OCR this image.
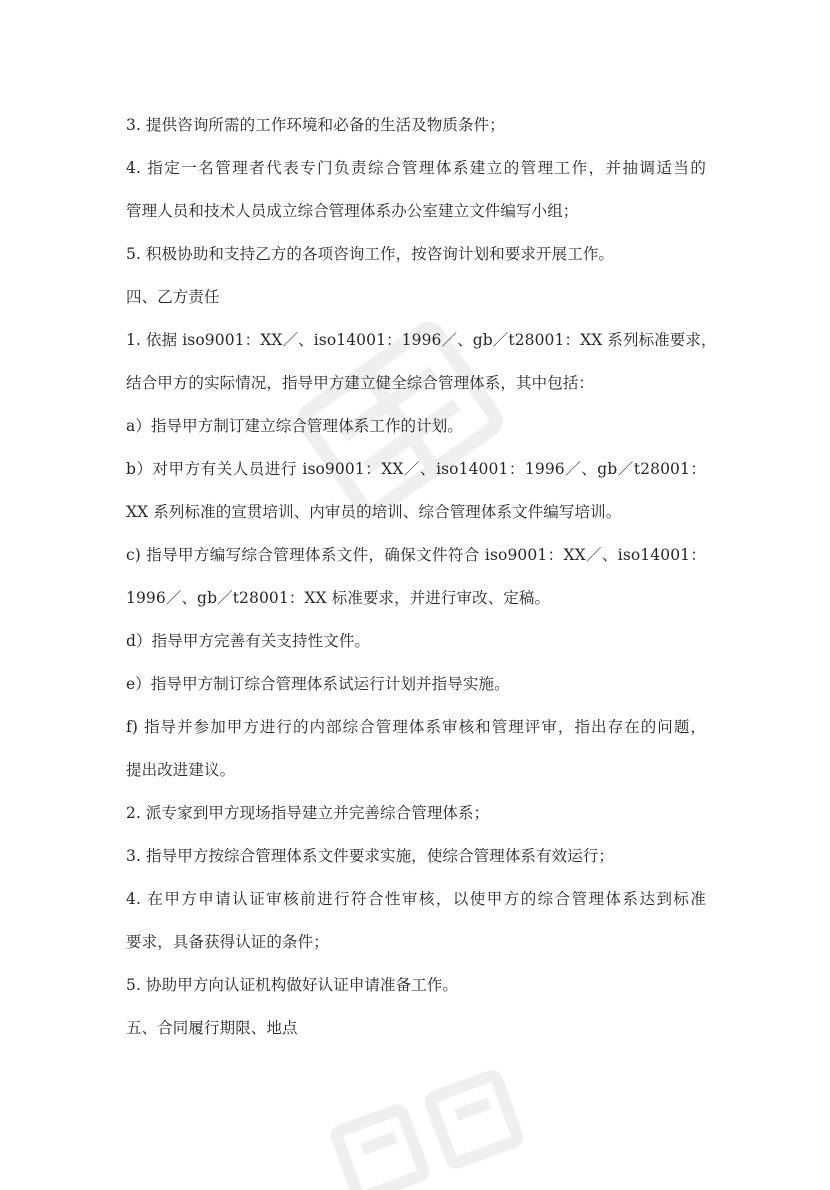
3. 提供咨询所需的工作环境和必备的生活及物质条件；
4. 指定一名管理者代表专门负责综合管理体系建立的管理工作，并抽调适当的
管理人员和技术人员成立综合管理体系办公室建立文件编写小组；
5. 积极协助和支持乙方的各项咨询工作，按咨询计划和要求开展工作。
四、乙方责任
1. 依据 iso9001：XX／、iso14001：1996／、gb／t28001：XX 系列标准要求，
结合甲方的实际情况，指导甲方建立健全综合管理体系，其中包括：
a）指导甲方制订建立综合管理体系工作的计划。
b）对甲方有关人员进行 iso9001：XX／、iso14001：1996／、gb／t28001：
XX 系列标准的宣贯培训、内审员的培训、综合管理体系文件编写培训。
c) 指导甲方编写综合管理体系文件，确保文件符合 iso9001：XX／、iso14001：
1996／、gb／t28001：XX 标准要求，并进行审改、定稿。
d）指导甲方完善有关支持性文件。
e）指导甲方制订综合管理体系试运行计划并指导实施。
f) 指导并参加甲方进行的内部综合管理体系审核和管理评审，指出存在的问题，
提出改进建议。
2. 派专家到甲方现场指导建立并完善综合管理体系；
3. 指导甲方按综合管理体系文件要求实施，使综合管理体系有效运行；
4. 在甲方申请认证审核前进行符合性审核，以使甲方的综合管理体系达到标准
要求，具备获得认证的条件；
5. 协助甲方向认证机构做好认证申请准备工作。
五、合同履行期限、地点
